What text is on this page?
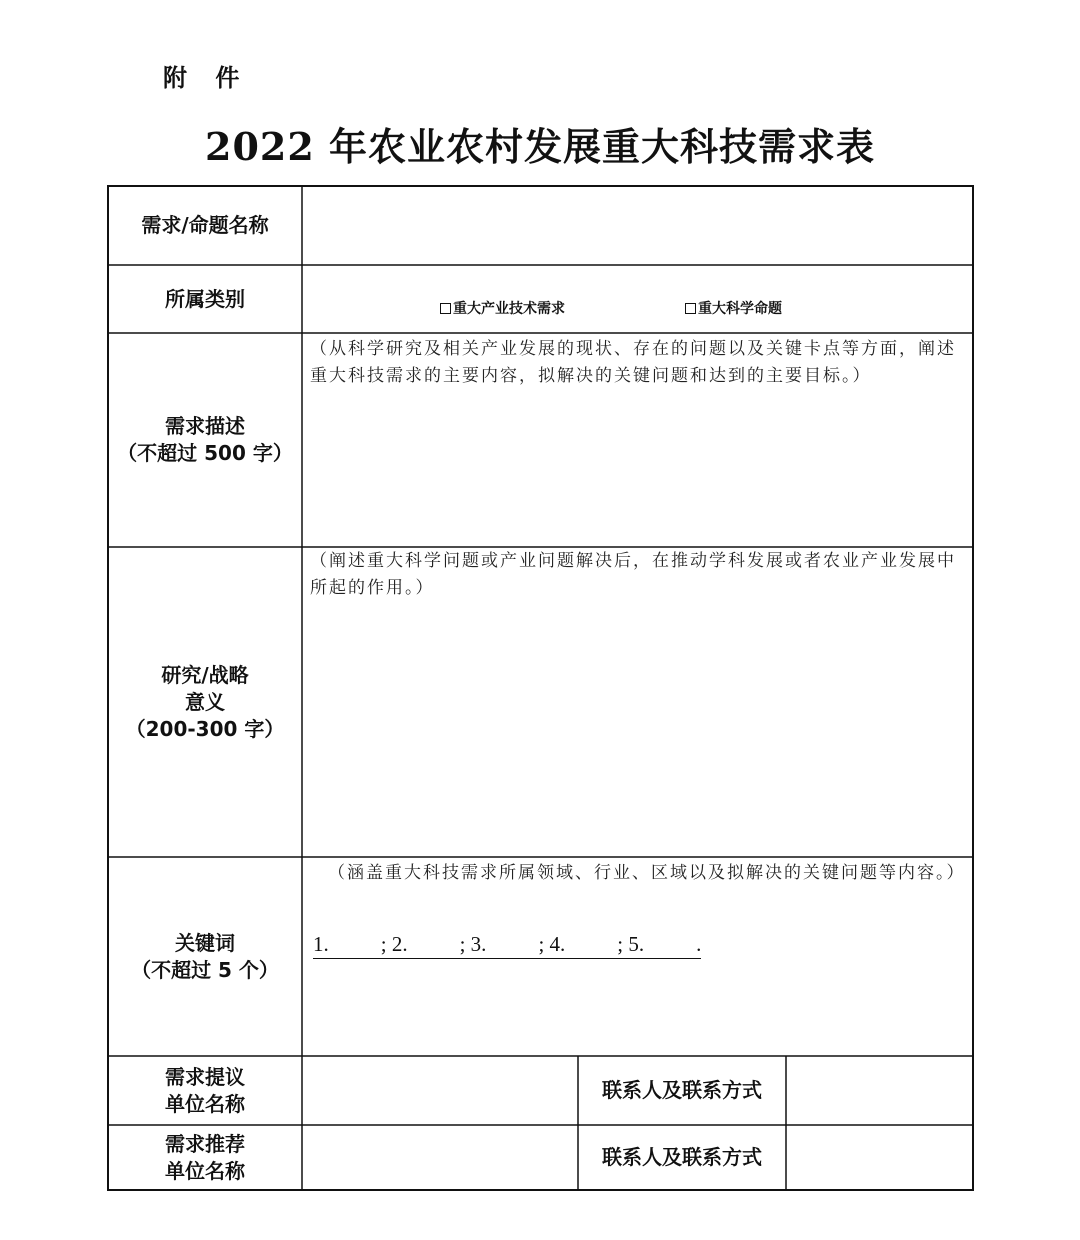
附 件
2022 年农业农村发展重大科技需求表
需求/命题名称
所属类别	重大产业技术需求	重大科学命题
需求描述
（不超过 500 字）
（从科学研究及相关产业发展的现状、存在的问题以及关键卡点等方面，阐述
重大科技需求的主要内容，拟解决的关键问题和达到的主要目标。）
研究/战略
意义
（200-300 字）
（阐述重大科学问题或产业问题解决后，在推动学科发展或者农业产业发展中
所起的作用。）
关键词
（不超过 5 个）
（涵盖重大科技需求所属领域、行业、区域以及拟解决的关键问题等内容。）
1. ; 2. ; 3. ; 4. ; 5. .
需求提议
单位名称
联系人及联系方式
需求推荐
单位名称
联系人及联系方式
